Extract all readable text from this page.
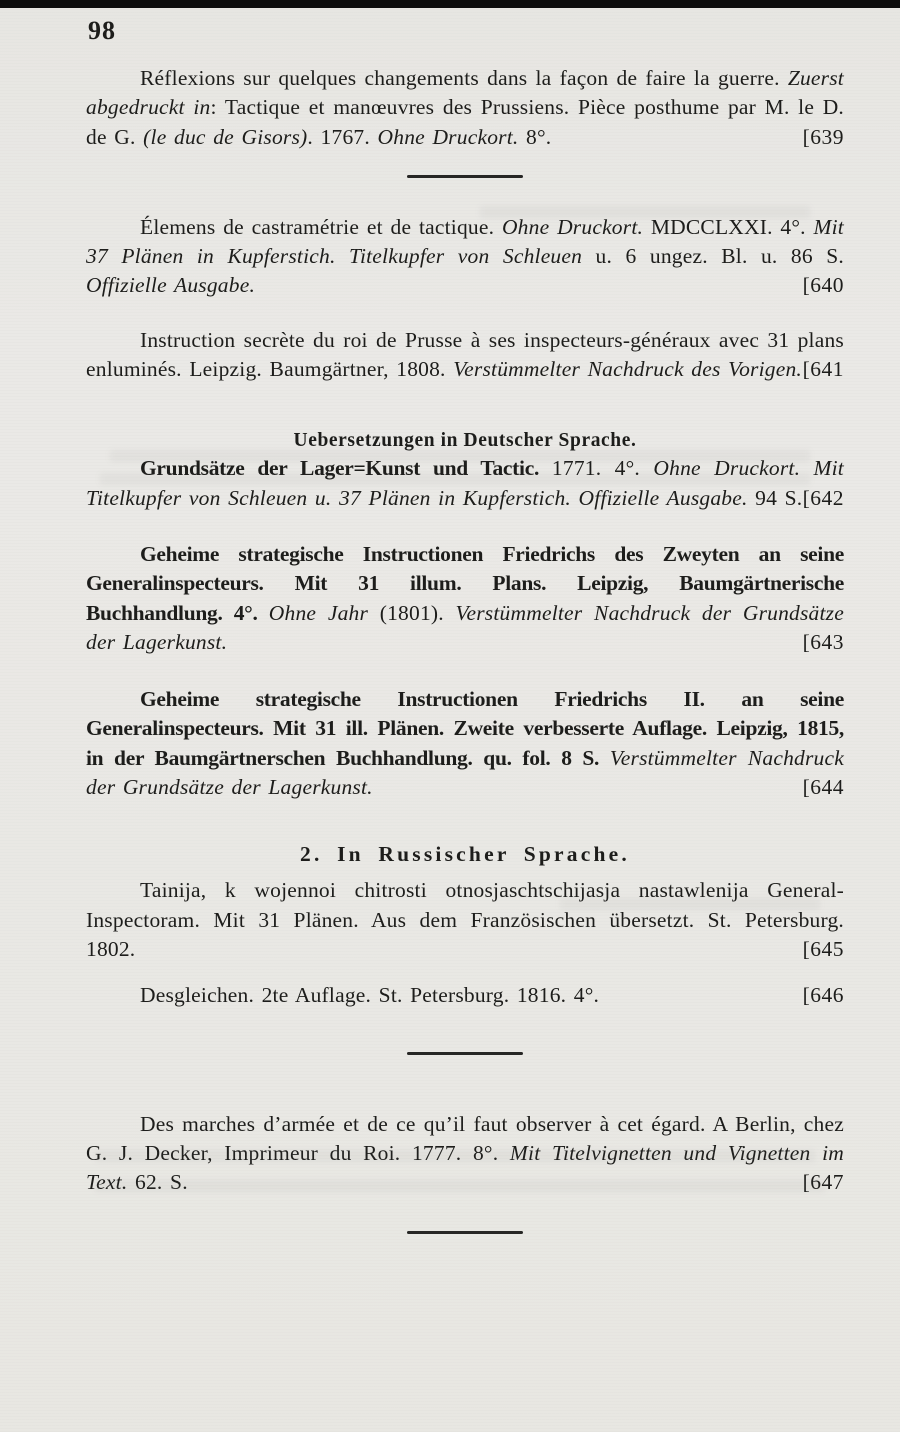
98

Réflexions sur quelques changements dans la façon de faire la guerre. Zuerst abgedruckt in: Tactique et manœuvres des Prussiens. Pièce posthume par M. le D. de G. (le duc de Gisors). 1767. Ohne Druckort. 8°.	[639

Élemens de castramétrie et de tactique. Ohne Druckort. MDCCLXXI. 4°. Mit 37 Plänen in Kupferstich. Titelkupfer von Schleuen u. 6 ungez. Bl. u. 86 S. Offizielle Ausgabe.	[640

Instruction secrète du roi de Prusse à ses inspecteurs-généraux avec 31 plans enluminés. Leipzig. Baumgärtner, 1808. Verstümmelter Nachdruck des Vorigen. [641

Uebersetzungen in Deutscher Sprache.

Grundsätze der Lager=Kunst und Tactic. 1771. 4°. Ohne Druckort. Mit Titelkupfer von Schleuen u. 37 Plänen in Kupferstich. Offizielle Ausgabe. 94 S. [642

Geheime strategische Instructionen Friedrichs des Zweyten an seine Generalinspecteurs. Mit 31 illum. Plans. Leipzig, Baumgärtnerische Buchhandlung. 4°. Ohne Jahr (1801). Verstümmelter Nachdruck der Grundsätze der Lagerkunst.	[643

Geheime strategische Instructionen Friedrichs II. an seine Generalinspecteurs. Mit 31 ill. Plänen. Zweite verbesserte Auflage. Leipzig, 1815, in der Baumgärtnerschen Buchhandlung. qu. fol. 8 S. Verstümmelter Nachdruck der Grundsätze der Lagerkunst.	[644

2. In Russischer Sprache.

Tainija, k wojennoi chitrosti otnosjaschtschijasja nastawlenija General-Inspectoram. Mit 31 Plänen. Aus dem Französischen übersetzt. St. Petersburg. 1802.	[645

Desgleichen. 2te Auflage. St. Petersburg. 1816. 4°.	[646

Des marches d’armée et de ce qu’il faut observer à cet égard. A Berlin, chez G. J. Decker, Imprimeur du Roi. 1777. 8°. Mit Titelvignetten und Vignetten im Text. 62. S.	[647
